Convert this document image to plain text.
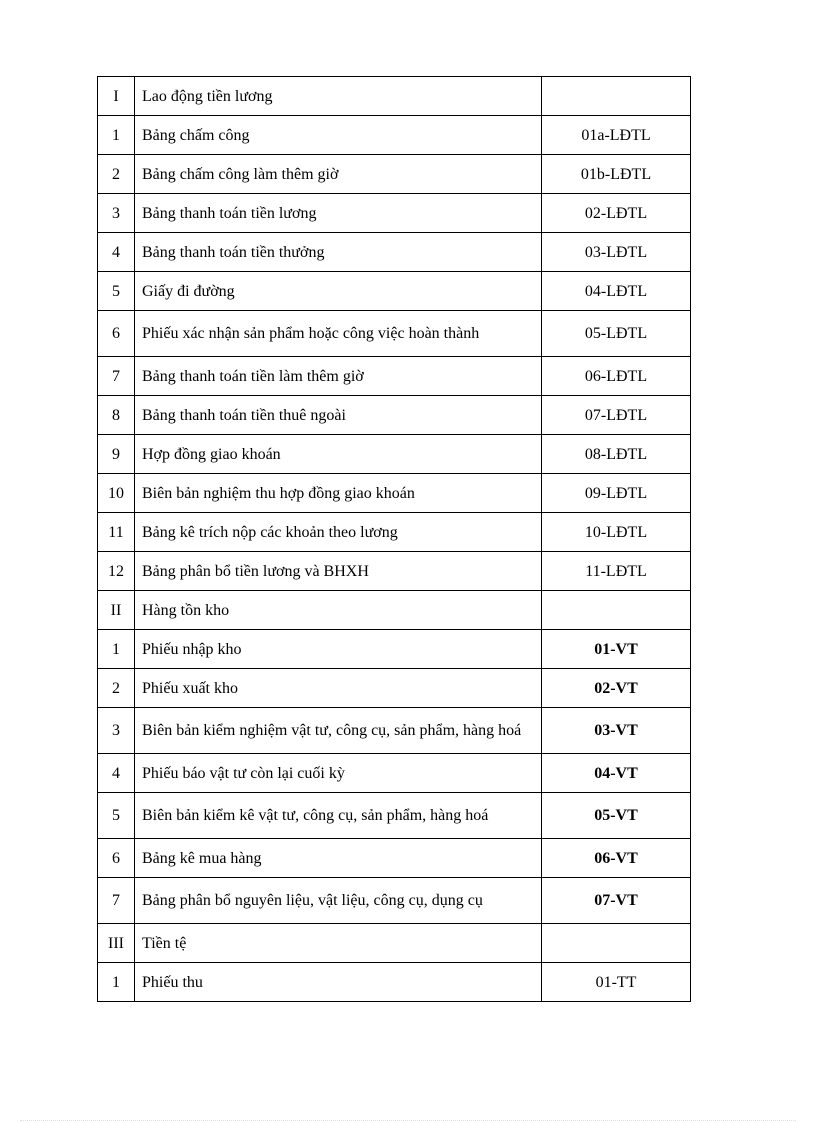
I	Lao động tiền lương	
1	Bảng chấm công	01a-LĐTL
2	Bảng chấm công làm thêm giờ	01b-LĐTL
3	Bảng thanh toán tiền lương	02-LĐTL
4	Bảng thanh toán tiền thưởng	03-LĐTL
5	Giấy đi đường	04-LĐTL
6	Phiếu xác nhận sản phẩm hoặc công việc hoàn thành	05-LĐTL
7	Bảng thanh toán tiền làm thêm giờ	06-LĐTL
8	Bảng thanh toán tiền thuê ngoài	07-LĐTL
9	Hợp đồng giao khoán	08-LĐTL
10	Biên bản nghiệm thu hợp đồng giao khoán	09-LĐTL
11	Bảng kê trích nộp các khoản theo lương	10-LĐTL
12	Bảng phân bổ tiền lương và BHXH	11-LĐTL
II	Hàng tồn kho	
1	Phiếu nhập kho	01-VT
2	Phiếu xuất kho	02-VT
3	Biên bản kiểm nghiệm vật tư, công cụ, sản phẩm, hàng hoá	03-VT
4	Phiếu báo vật tư còn lại cuối kỳ	04-VT
5	Biên bản kiểm kê vật tư, công cụ, sản phẩm, hàng hoá	05-VT
6	Bảng kê mua hàng	06-VT
7	Bảng phân bổ nguyên liệu, vật liệu, công cụ, dụng cụ	07-VT
III	Tiền tệ	
1	Phiếu thu	01-TT
